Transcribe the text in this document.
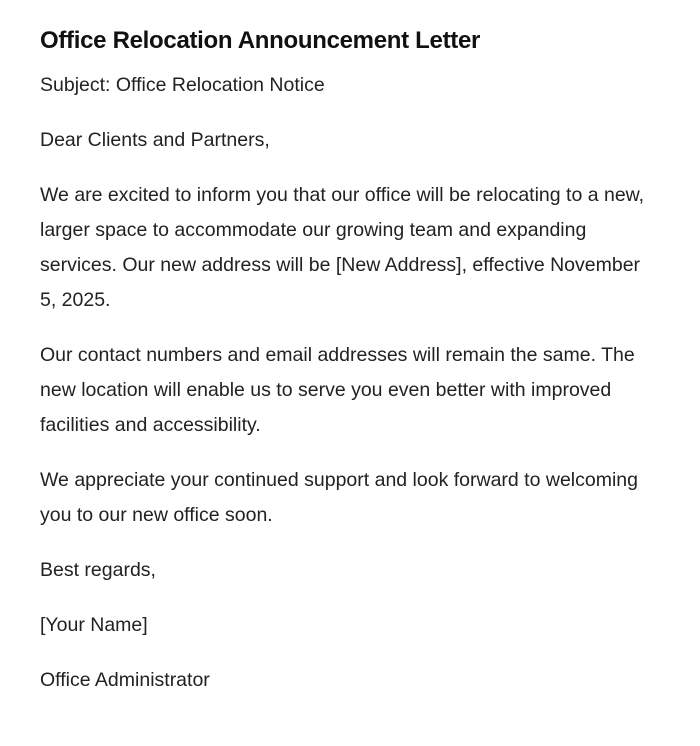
Office Relocation Announcement Letter

Subject: Office Relocation Notice

Dear Clients and Partners,

We are excited to inform you that our office will be relocating to a new, larger space to accommodate our growing team and expanding services. Our new address will be [New Address], effective November 5, 2025.

Our contact numbers and email addresses will remain the same. The new location will enable us to serve you even better with improved facilities and accessibility.

We appreciate your continued support and look forward to welcoming you to our new office soon.

Best regards,

[Your Name]

Office Administrator
